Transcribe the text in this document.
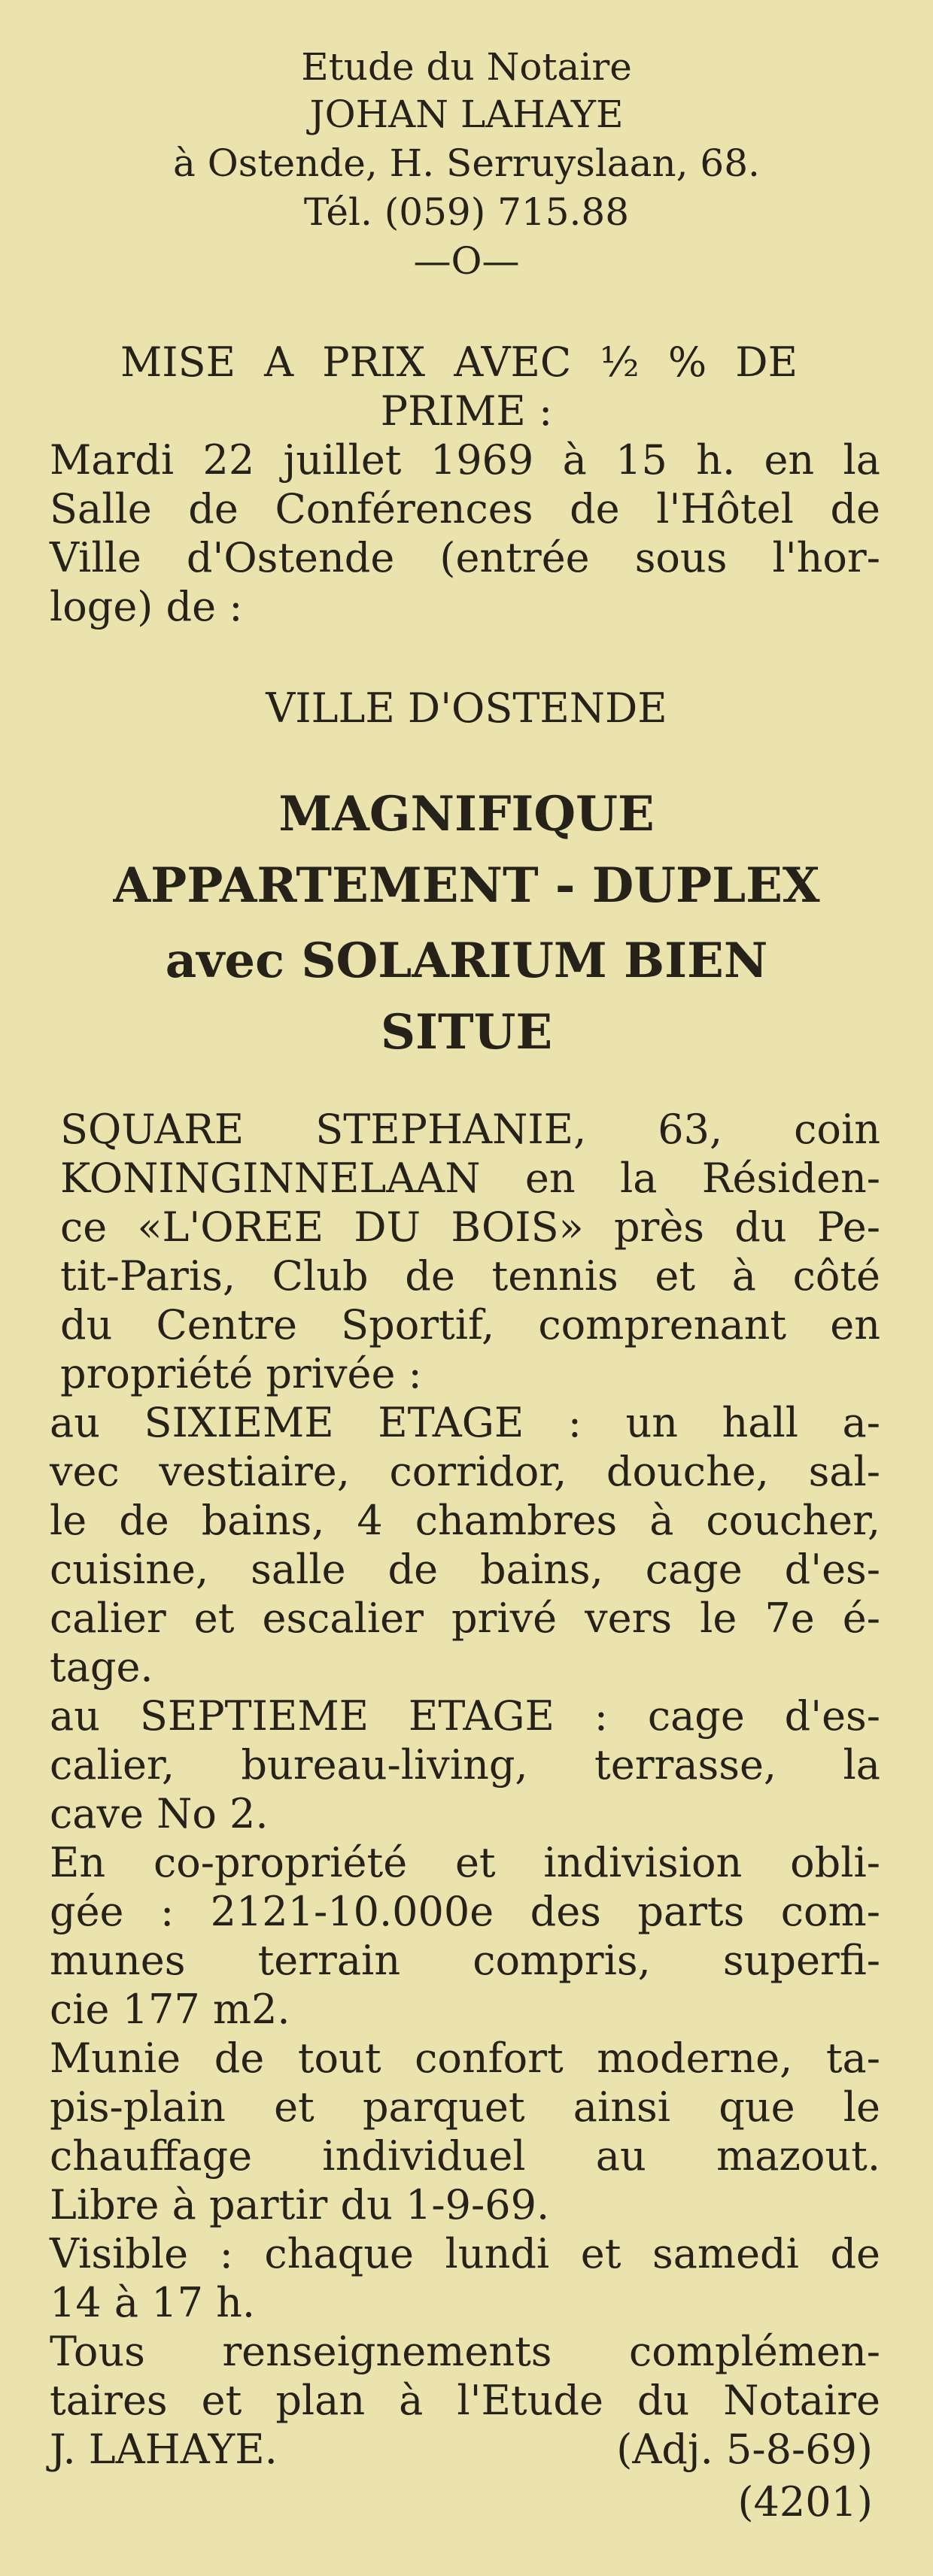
Etude du Notaire

JOHAN LAHAYE

à Ostende, H. Serruyslaan, 68.

Tél. (059) 715.88

—O—

MISE A PRIX AVEC ½ % DE

PRIME :

Mardi 22 juillet 1969 à 15 h. en la

Salle de Conférences de l'Hôtel de

Ville d'Ostende (entrée sous l'hor-

loge) de :

VILLE D'OSTENDE

MAGNIFIQUE

APPARTEMENT - DUPLEX

avec SOLARIUM BIEN

SITUE

SQUARE STEPHANIE, 63, coin

KONINGINNELAAN en la Résiden-

ce «L'OREE DU BOIS» près du Pe-

tit-Paris, Club de tennis et à côté

du Centre Sportif, comprenant en

propriété privée :

au SIXIEME ETAGE : un hall a-

vec vestiaire, corridor, douche, sal-

le de bains, 4 chambres à coucher,

cuisine, salle de bains, cage d'es-

calier et escalier privé vers le 7e é-

tage.

au SEPTIEME ETAGE : cage d'es-

calier, bureau-living, terrasse, la

cave No 2.

En co-propriété et indivision obli-

gée : 2121-10.000e des parts com-

munes terrain compris, superfi-

cie 177 m2.

Munie de tout confort moderne, ta-

pis-plain et parquet ainsi que le

chauffage individuel au mazout.

Libre à partir du 1-9-69.

Visible : chaque lundi et samedi de

14 à 17 h.

Tous renseignements complémen-

taires et plan à l'Etude du Notaire

J. LAHAYE.	(Adj. 5-8-69)

(4201)
